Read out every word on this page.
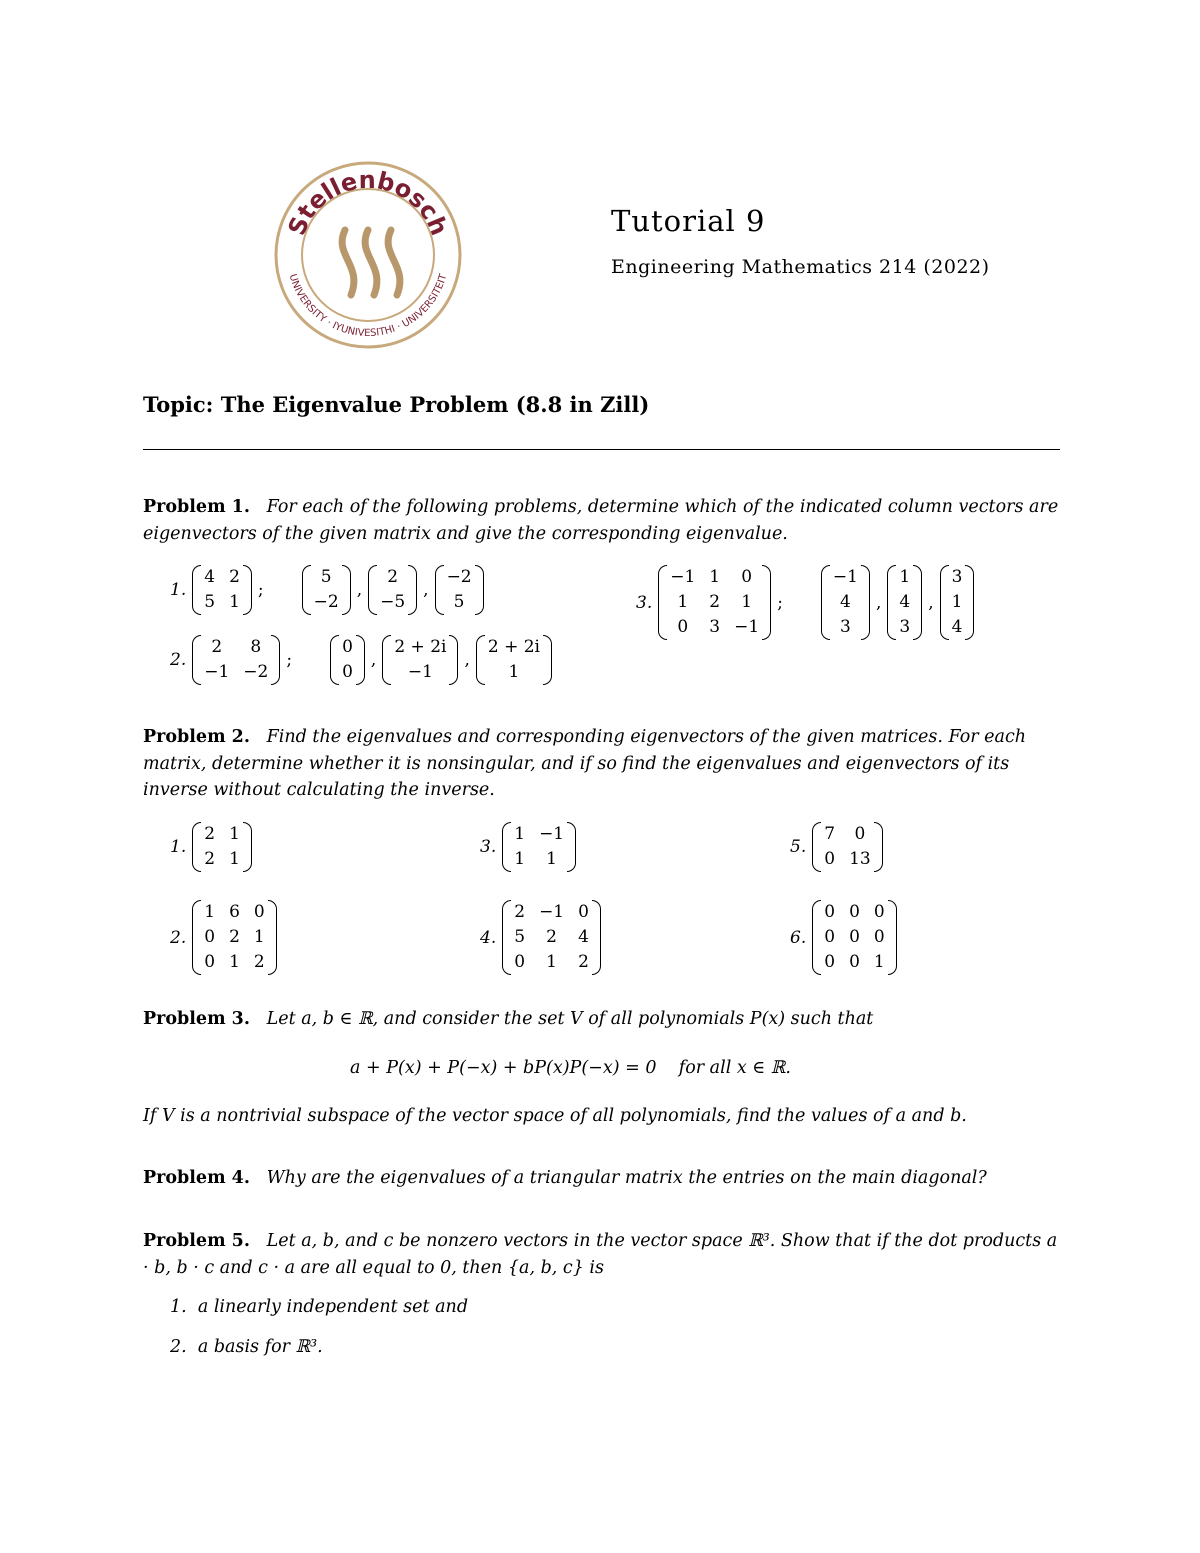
Stellenbosch
UNIVERSITY · IYUNIVESITHI · UNIVERSITEIT
Tutorial 9
Engineering Mathematics 214 (2022)
Topic: The Eigenvalue Problem (8.8 in Zill)
Problem 1. For each of the following problems, determine which of the indicated column vectors are eigenvectors of the given matrix and give the corresponding eigenvalue.
1.
4 2
5 1
;
5
−2
,
2
−5
,
−2
5
2.
2	8
−1 −2
;
0
0
,
2 + 2i
−1
,
2 + 2i
1
3.
−1 1	0
1	2	1
0	3 −1
;
−1
4
3
,
1
4
3
,
3
1
4
Problem 2. Find the eigenvalues and corresponding eigenvectors of the given matrices. For each matrix, determine whether it is nonsingular, and if so find the eigenvalues and eigenvectors of its inverse without calculating the inverse.
1.
2 1
2 1
2.
1 6 0
0 2 1
0 1 2
3.
1 −1
1	1
4.
2 −1 0
5	2	4
0	1	2
5.
7	0
0 13
6.
0 0 0
0 0 0
0 0 1
Problem 3. Let a, b ∈ ℝ, and consider the set V of all polynomials P(x) such that
a + P(x) + P(−x) + bP(x)P(−x) = 0 for all x ∈ ℝ.
If V is a nontrivial subspace of the vector space of all polynomials, find the values of a and b.
Problem 4. Why are the eigenvalues of a triangular matrix the entries on the main diagonal?
Problem 5. Let a, b, and c be nonzero vectors in the vector space ℝ³. Show that if the dot products a · b, b · c and c · a are all equal to 0, then {a, b, c} is
1. a linearly independent set and
2. a basis for ℝ³.
